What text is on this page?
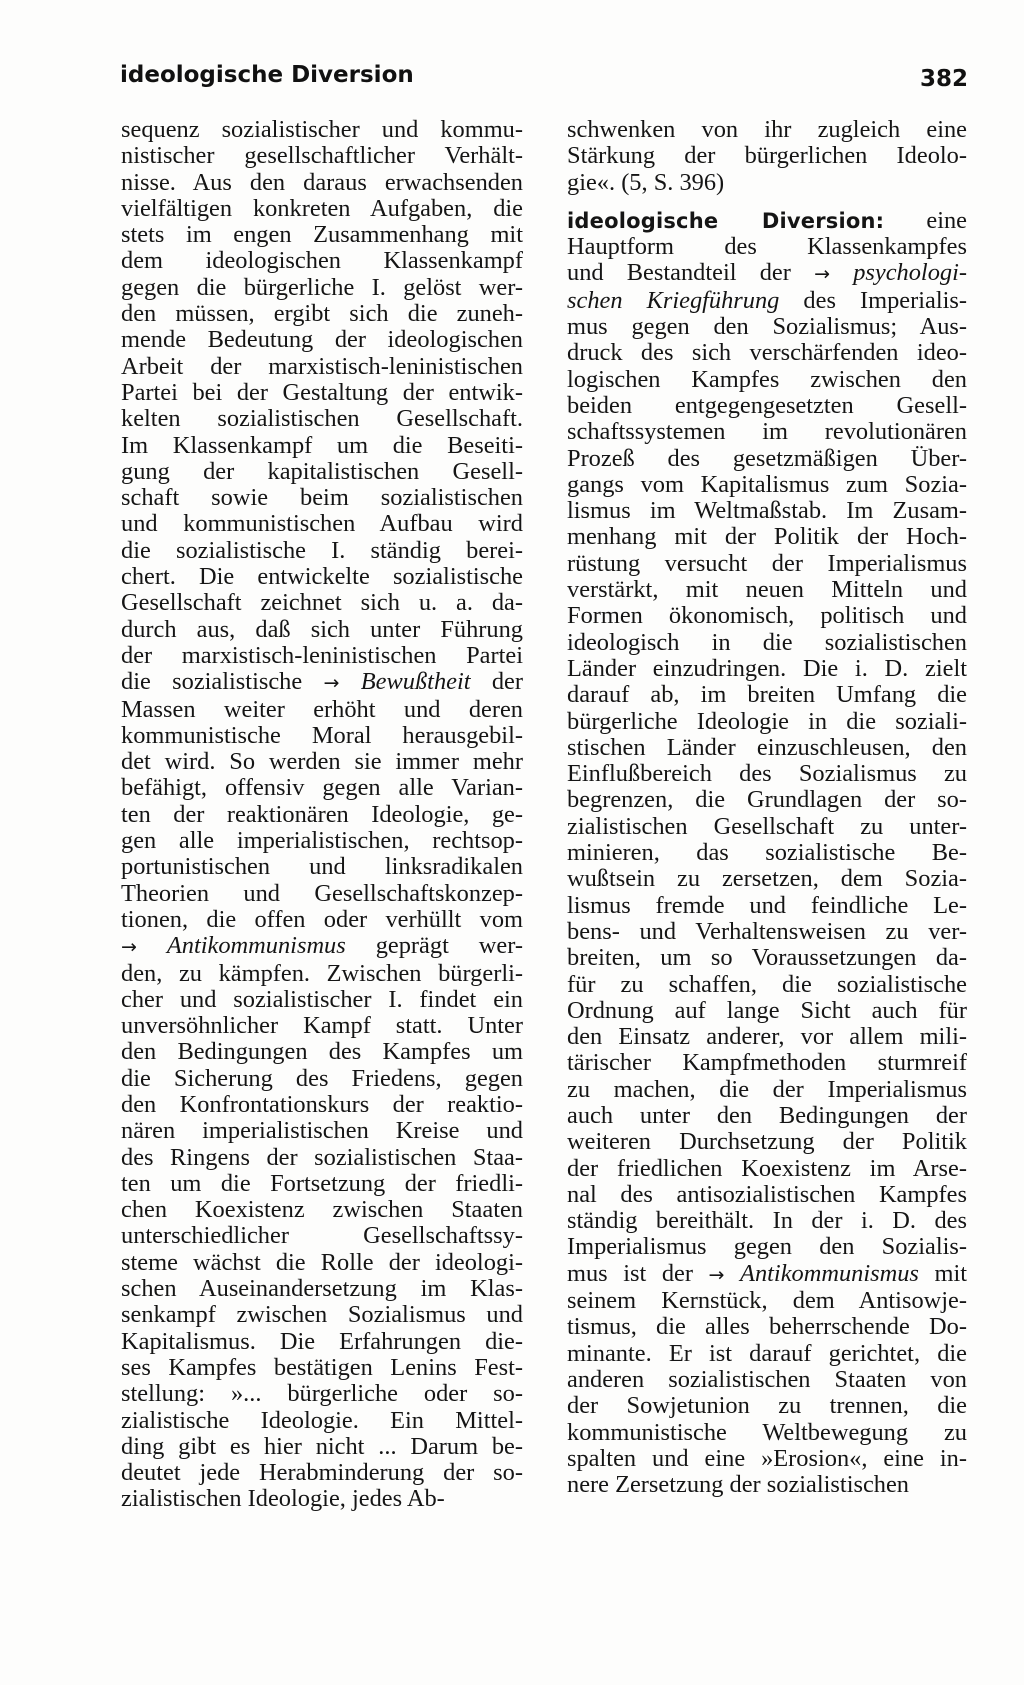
ideologische Diversion	382
sequenz sozialistischer und kommu-
nistischer gesellschaftlicher Verhält-
nisse. Aus den daraus erwachsenden
vielfältigen konkreten Aufgaben, die
stets im engen Zusammenhang mit
dem ideologischen Klassenkampf
gegen die bürgerliche I. gelöst wer-
den müssen, ergibt sich die zuneh-
mende Bedeutung der ideologischen
Arbeit der marxistisch-leninistischen
Partei bei der Gestaltung der entwik-
kelten sozialistischen Gesellschaft.
Im Klassenkampf um die Beseiti-
gung der kapitalistischen Gesell-
schaft sowie beim sozialistischen
und kommunistischen Aufbau wird
die sozialistische I. ständig berei-
chert. Die entwickelte sozialistische
Gesellschaft zeichnet sich u. a. da-
durch aus, daß sich unter Führung
der marxistisch-leninistischen Partei
die sozialistische → Bewußtheit der
Massen weiter erhöht und deren
kommunistische Moral herausgebil-
det wird. So werden sie immer mehr
befähigt, offensiv gegen alle Varian-
ten der reaktionären Ideologie, ge-
gen alle imperialistischen, rechtsop-
portunistischen und linksradikalen
Theorien und Gesellschaftskonzep-
tionen, die offen oder verhüllt vom
→ Antikommunismus geprägt wer-
den, zu kämpfen. Zwischen bürgerli-
cher und sozialistischer I. findet ein
unversöhnlicher Kampf statt. Unter
den Bedingungen des Kampfes um
die Sicherung des Friedens, gegen
den Konfrontationskurs der reaktio-
nären imperialistischen Kreise und
des Ringens der sozialistischen Staa-
ten um die Fortsetzung der friedli-
chen Koexistenz zwischen Staaten
unterschiedlicher Gesellschaftssy-
steme wächst die Rolle der ideologi-
schen Auseinandersetzung im Klas-
senkampf zwischen Sozialismus und
Kapitalismus. Die Erfahrungen die-
ses Kampfes bestätigen Lenins Fest-
stellung: »... bürgerliche oder so-
zialistische Ideologie. Ein Mittel-
ding gibt es hier nicht ... Darum be-
deutet jede Herabminderung der so-
zialistischen Ideologie, jedes Ab-
schwenken von ihr zugleich eine
Stärkung der bürgerlichen Ideolo-
gie«. (5, S. 396)
ideologische Diversion: eine
Hauptform des Klassenkampfes
und Bestandteil der → psychologi-
schen Kriegführung des Imperialis-
mus gegen den Sozialismus; Aus-
druck des sich verschärfenden ideo-
logischen Kampfes zwischen den
beiden entgegengesetzten Gesell-
schaftssystemen im revolutionären
Prozeß des gesetzmäßigen Über-
gangs vom Kapitalismus zum Sozia-
lismus im Weltmaßstab. Im Zusam-
menhang mit der Politik der Hoch-
rüstung versucht der Imperialismus
verstärkt, mit neuen Mitteln und
Formen ökonomisch, politisch und
ideologisch in die sozialistischen
Länder einzudringen. Die i. D. zielt
darauf ab, im breiten Umfang die
bürgerliche Ideologie in die soziali-
stischen Länder einzuschleusen, den
Einflußbereich des Sozialismus zu
begrenzen, die Grundlagen der so-
zialistischen Gesellschaft zu unter-
minieren, das sozialistische Be-
wußtsein zu zersetzen, dem Sozia-
lismus fremde und feindliche Le-
bens- und Verhaltensweisen zu ver-
breiten, um so Voraussetzungen da-
für zu schaffen, die sozialistische
Ordnung auf lange Sicht auch für
den Einsatz anderer, vor allem mili-
tärischer Kampfmethoden sturmreif
zu machen, die der Imperialismus
auch unter den Bedingungen der
weiteren Durchsetzung der Politik
der friedlichen Koexistenz im Arse-
nal des antisozialistischen Kampfes
ständig bereithält. In der i. D. des
Imperialismus gegen den Sozialis-
mus ist der → Antikommunismus mit
seinem Kernstück, dem Antisowje-
tismus, die alles beherrschende Do-
minante. Er ist darauf gerichtet, die
anderen sozialistischen Staaten von
der Sowjetunion zu trennen, die
kommunistische Weltbewegung zu
spalten und eine »Erosion«, eine in-
nere Zersetzung der sozialistischen
